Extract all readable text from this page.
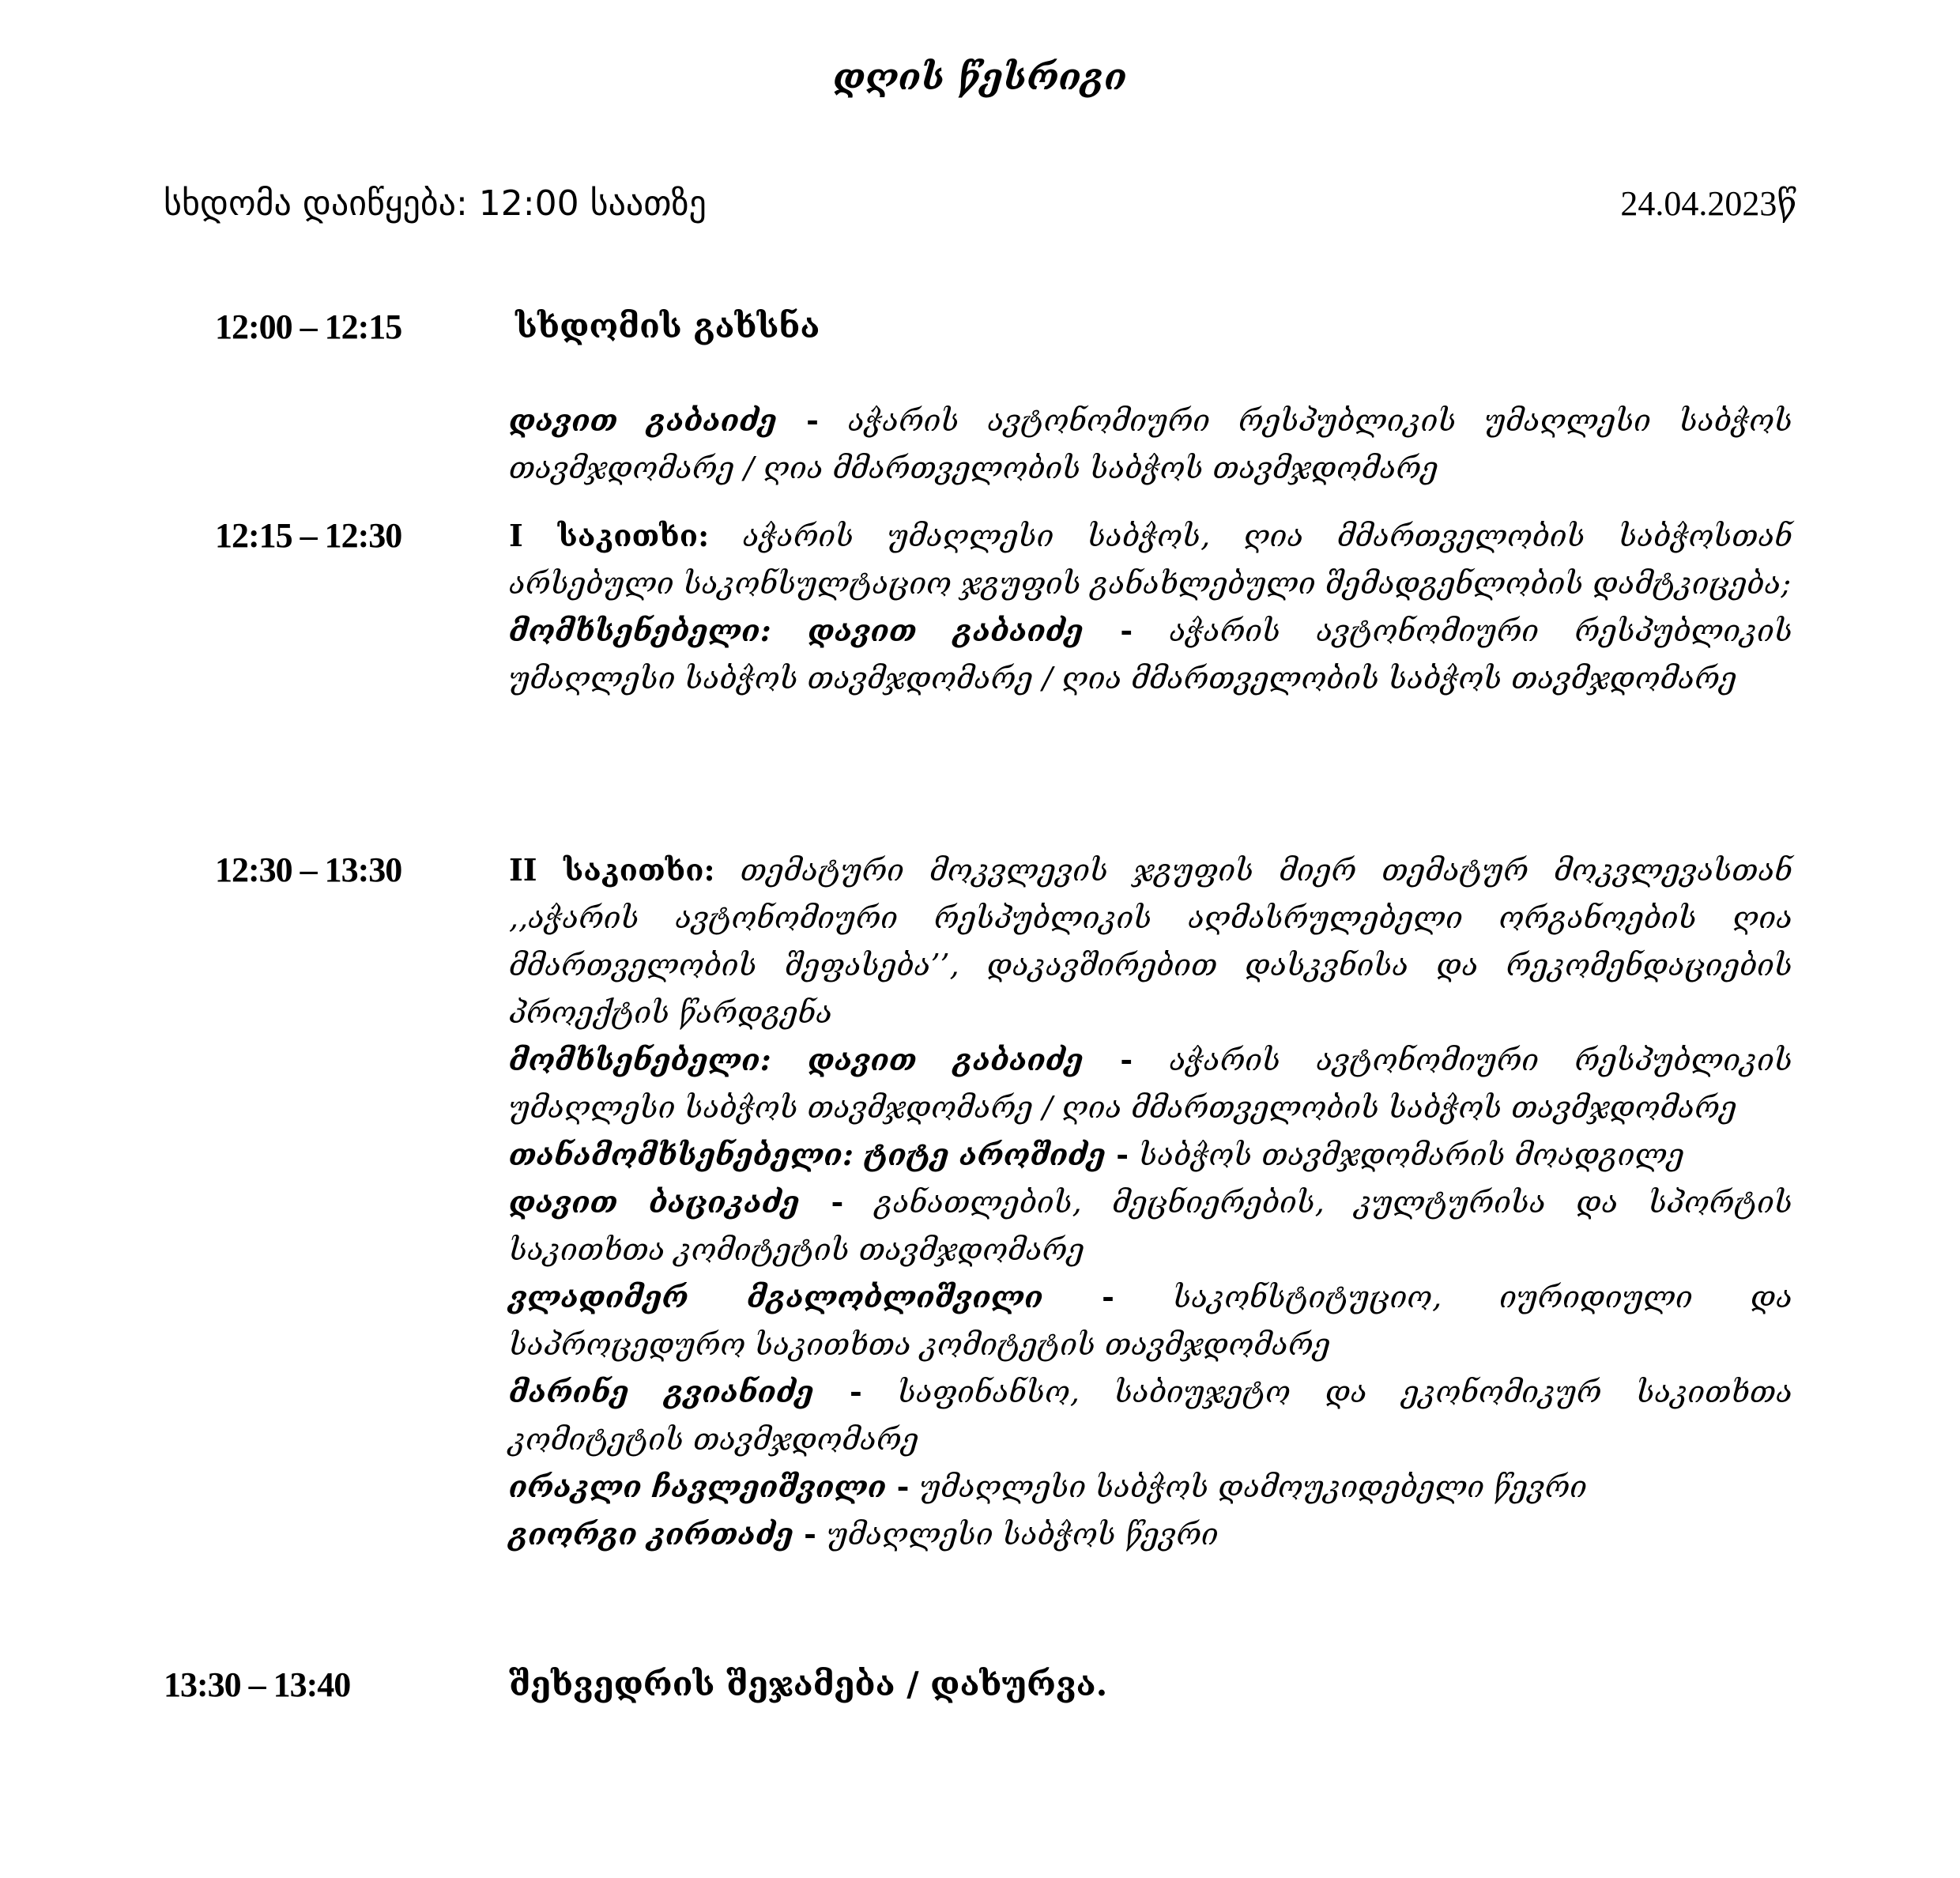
დღის წესრიგი
სხდომა დაიწყება: 12:00 საათზე	24.04.2023წ
12:00 – 12:15	სხდომის გახსნა

დავით გაბაიძე - აჭარის ავტონომიური რესპუბლიკის უმაღლესი საბჭოს თავმჯდომარე / ღია მმართველობის საბჭოს თავმჯდომარე

12:15 – 12:30	I საკითხი: აჭარის უმაღლესი საბჭოს, ღია მმართველობის საბჭოსთან არსებული საკონსულტაციო ჯგუფის განახლებული შემადგენლობის დამტკიცება;

მომხსენებელი: დავით გაბაიძე - აჭარის ავტონომიური რესპუბლიკის უმაღლესი საბჭოს თავმჯდომარე / ღია მმართველობის საბჭოს თავმჯდომარე

12:30 – 13:30	II საკითხი: თემატური მოკვლევის ჯგუფის მიერ თემატურ მოკვლევასთან ,,აჭარის ავტონომიური რესპუბლიკის აღმასრულებელი ორგანოების ღია მმართველობის შეფასება’’, დაკავშირებით დასკვნისა და რეკომენდაციების პროექტის წარდგენა

მომხსენებელი: დავით გაბაიძე - აჭარის ავტონომიური რესპუბლიკის უმაღლესი საბჭოს თავმჯდომარე / ღია მმართველობის საბჭოს თავმჯდომარე

თანამომხსენებელი: ტიტე აროშიძე - საბჭოს თავმჯდომარის მოადგილე

დავით ბაციკაძე - განათლების, მეცნიერების, კულტურისა და სპორტის საკითხთა კომიტეტის თავმჯდომარე

ვლადიმერ მგალობლიშვილი - საკონსტიტუციო, იურიდიული და საპროცედურო საკითხთა კომიტეტის თავმჯდომარე

მარინე გვიანიძე - საფინანსო, საბიუჯეტო და ეკონომიკურ საკითხთა კომიტეტის თავმჯდომარე

ირაკლი ჩავლეიშვილი - უმაღლესი საბჭოს დამოუკიდებელი წევრი

გიორგი კირთაძე - უმაღლესი საბჭოს წევრი

13:30 – 13:40	შეხვედრის შეჯამება / დახურვა.
